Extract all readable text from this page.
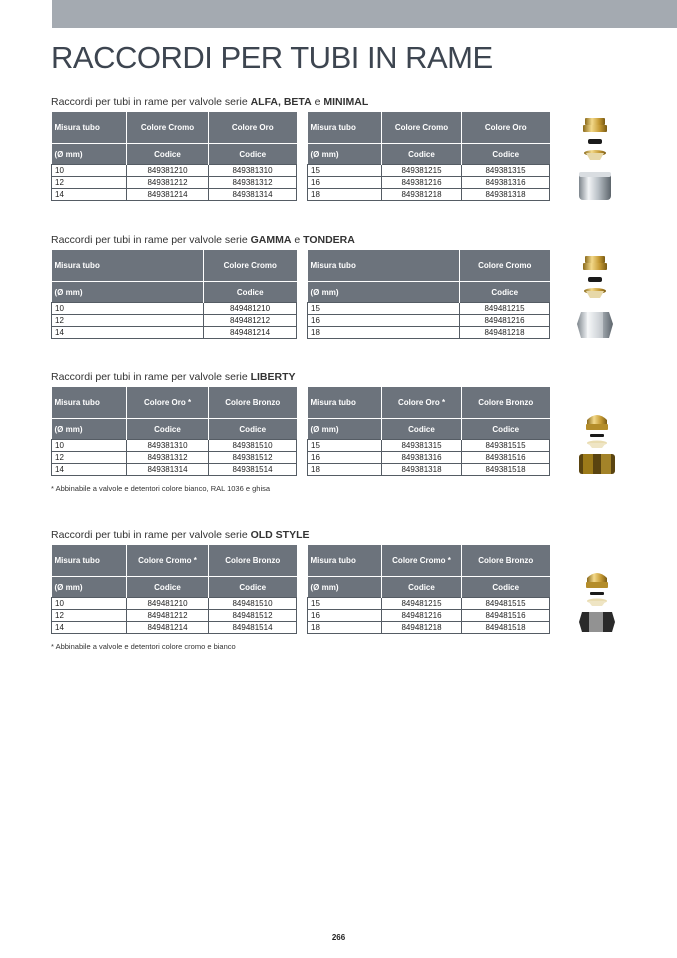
RACCORDI PER TUBI IN RAME
Raccordi per tubi in rame per valvole serie ALFA, BETA e MINIMAL
Misura tubo	Colore Cromo	Colore Oro
(Ø mm)	Codice	Codice
10	849381210	849381310
12	849381212	849381312
14	849381214	849381314
Misura tubo	Colore Cromo	Colore Oro
(Ø mm)	Codice	Codice
15	849381215	849381315
16	849381216	849381316
18	849381218	849381318
Raccordi per tubi in rame per valvole serie GAMMA e TONDERA
Misura tubo	Colore Cromo
(Ø mm)	Codice
10	849481210
12	849481212
14	849481214
Misura tubo	Colore Cromo
(Ø mm)	Codice
15	849481215
16	849481216
18	849481218
Raccordi per tubi in rame per valvole serie LIBERTY
Misura tubo	Colore Oro *	Colore Bronzo
(Ø mm)	Codice	Codice
10	849381310	849381510
12	849381312	849381512
14	849381314	849381514
Misura tubo	Colore Oro *	Colore Bronzo
(Ø mm)	Codice	Codice
15	849381315	849381515
16	849381316	849381516
18	849381318	849381518
* Abbinabile a valvole e detentori colore bianco, RAL 1036 e ghisa
Raccordi per tubi in rame per valvole serie OLD STYLE
Misura tubo	Colore Cromo *	Colore Bronzo
(Ø mm)	Codice	Codice
10	849481210	849481510
12	849481212	849481512
14	849481214	849481514
Misura tubo	Colore Cromo *	Colore Bronzo
(Ø mm)	Codice	Codice
15	849481215	849481515
16	849481216	849481516
18	849481218	849481518
* Abbinabile a valvole e detentori colore cromo e bianco
266
